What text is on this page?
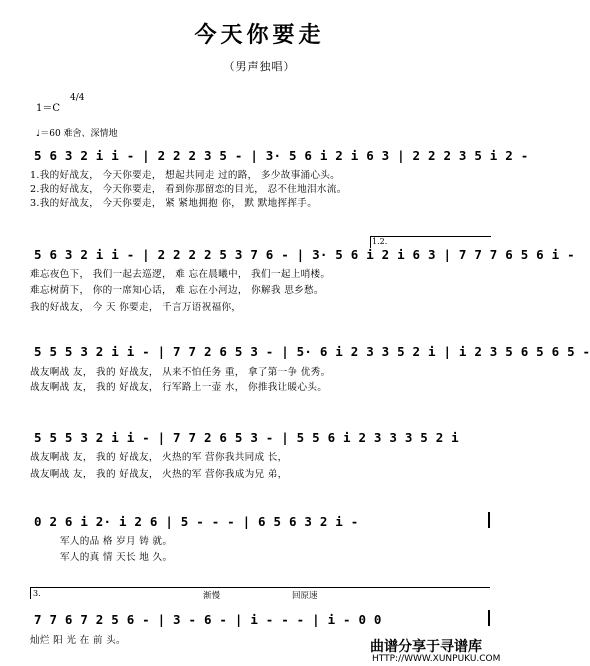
今天你要走
（男声独唱）
1＝C
4/4
♩＝60 难舍、深情地
5 6 3 2 i i - | 2 2 2 3 5 - | 3· 5 6 i 2 i 6 3 | 2 2 2 3 5 i 2 -
1.我的好战友， 今天你要走， 想起共同走 过的路， 多少故事涌心头。
2.我的好战友， 今天你要走， 看到你那留恋的目光， 忍不住地泪水流。
3.我的好战友， 今天你要走， 紧 紧地拥抱 你， 默 默地挥挥手。
1.2.
5 6 3 2 i i - | 2 2 2 2 5 3 7 6 - | 3· 5 6 i 2 i 6 3 | 7 7 7 6 5 6 i -
难忘夜色下， 我们一起去巡逻， 难 忘在晨曦中， 我们一起上哨楼。
难忘树荫下， 你的一席知心话， 难 忘在小河边， 你解我 思乡愁。
我的好战友， 今 天 你要走， 千言万语祝福你，
5 5 5 3 2 i i - | 7 7 2 6 5 3 - | 5· 6 i 2 3 3 5 2 i | i 2 3 5 6 5 6 5 -
战友啊战 友， 我的 好战友， 从来不怕任务 重， 拿了第一争 优秀。
战友啊战 友， 我的 好战友， 行军路上一壶 水， 你推我让暖心头。
5 5 5 3 2 i i - | 7 7 2 6 5 3 - | 5 5 6 i 2 3 3 3 5 2 i
战友啊战 友， 我的 好战友， 火热的军 营你我共同成 长，
战友啊战 友， 我的 好战友， 火热的军 营你我成为兄 弟，
0 2 6 i 2· i 2 6 | 5 - - - | 6 5 6 3 2 i -
军人的品 格 岁月 铸 就。
军人的真 情 天长 地 久。
3.	渐慢	回原速
7 7 6 7 2 5 6 - | 3 - 6 - | i - - - | i - 0 0
灿烂 阳 光 在 前 头。	曲谱分享于寻谱库
HTTP://WWW.XUNPUKU.COM
